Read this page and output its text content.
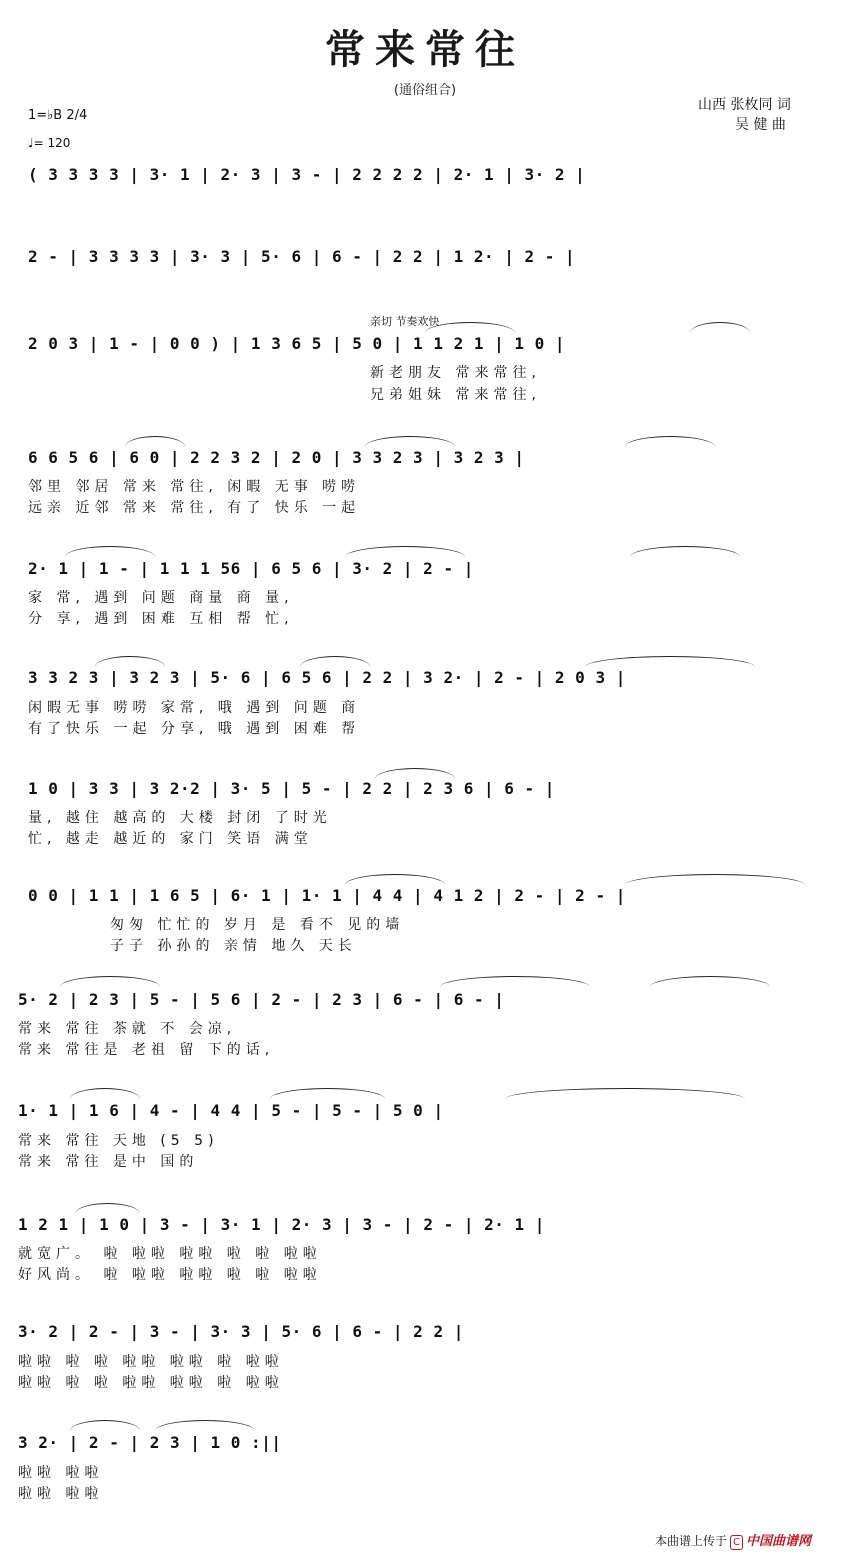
常来常往
(通俗组合)
山西 张枚同 词
吴 健 曲
1=♭B 2/4
♩= 120
亲切 节奏欢快
( 3 3 3 3 | 3· 1 | 2· 3 | 3 - | 2 2 2 2 | 2· 1 | 3· 2 |
2 - | 3 3 3 3 | 3· 3 | 5· 6 | 6 - | 2 2 | 1 2· | 2 - |
2 0 3 | 1 - | 0 0 ) | 1 3 6 5 | 5 0 | 1 1 2 1 | 1 0 |
新老朋友 常来常往,
兄弟姐妹 常来常往,
6 6 5 6 | 6 0 | 2 2 3 2 | 2 0 | 3 3 2 3 | 3 2 3 |
邻里 邻居 常来 常往, 闲暇 无事 唠唠
远亲 近邻 常来 常往, 有了 快乐 一起
2· 1 | 1 - | 1 1 1 56 | 6 5 6 | 3· 2 | 2 - |
家 常, 遇到 问题 商量 商 量,
分 享, 遇到 困难 互相 帮 忙,
3 3 2 3 | 3 2 3 | 5· 6 | 6 5 6 | 2 2 | 3 2· | 2 - | 2 0 3 |
闲暇无事 唠唠 家常, 哦 遇到 问题 商
有了快乐 一起 分享, 哦 遇到 困难 帮
1 0 | 3 3 | 3 2·2 | 3· 5 | 5 - | 2 2 | 2 3 6 | 6 - |
量, 越住 越高的 大楼 封闭 了时光
忙, 越走 越近的 家门 笑语 满堂
0 0 | 1 1 | 1 6 5 | 6· 1 | 1· 1 | 4 4 | 4 1 2 | 2 - | 2 - |
匆匆 忙忙的 岁月 是 看不 见的墙
子子 孙孙的 亲情 地久 天长
5· 2 | 2 3 | 5 - | 5 6 | 2 - | 2 3 | 6 - | 6 - |
常来 常往 茶就 不 会凉,
常来 常往是 老祖 留 下的话,
1· 1 | 1 6 | 4 - | 4 4 | 5 - | 5 - | 5 0 |
常来 常往 天地 (5 5)
常来 常往 是中 国的
1 2 1 | 1 0 | 3 - | 3· 1 | 2· 3 | 3 - | 2 - | 2· 1 |
就宽广。 啦 啦啦 啦啦 啦 啦 啦啦
好风尚。 啦 啦啦 啦啦 啦 啦 啦啦
3· 2 | 2 - | 3 - | 3· 3 | 5· 6 | 6 - | 2 2 |
啦啦 啦 啦 啦啦 啦啦 啦 啦啦
啦啦 啦 啦 啦啦 啦啦 啦 啦啦
3 2· | 2 - | 2 3 | 1 0 :||
啦啦 啦啦
啦啦 啦啦
本曲谱上传于 C 中国曲谱网
